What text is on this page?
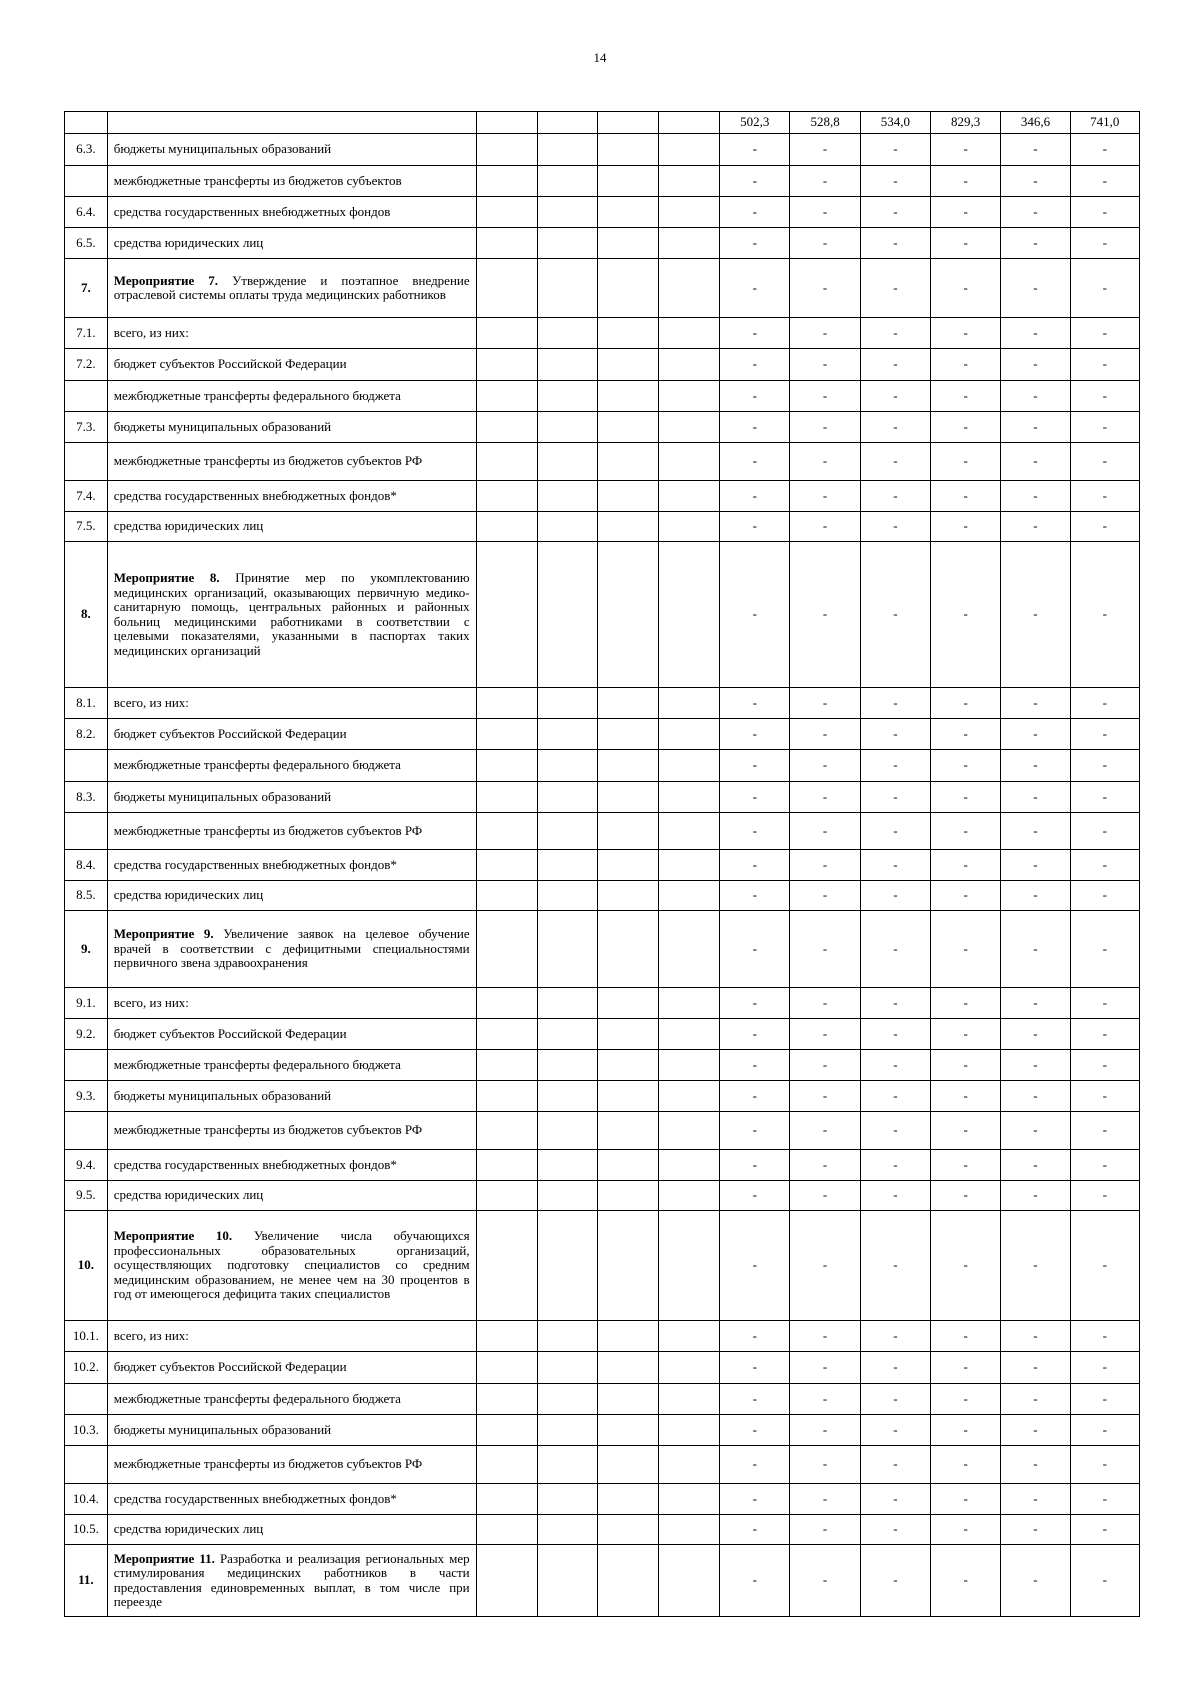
14
						502,3	528,8	534,0	829,3	346,6	741,0
6.3.	бюджеты муниципальных образований					-	-	-	-	-	-
	межбюджетные трансферты из бюджетов субъектов					-	-	-	-	-	-
6.4.	средства государственных внебюджетных фондов					-	-	-	-	-	-
6.5.	средства юридических лиц					-	-	-	-	-	-
7.	Мероприятие 7. Утверждение и поэтапное внедрение отраслевой системы оплаты труда медицинских работников					-	-	-	-	-	-
7.1.	всего, из них:					-	-	-	-	-	-
7.2.	бюджет субъектов Российской Федерации					-	-	-	-	-	-
	межбюджетные трансферты федерального бюджета					-	-	-	-	-	-
7.3.	бюджеты муниципальных образований					-	-	-	-	-	-
	межбюджетные трансферты из бюджетов субъектов РФ					-	-	-	-	-	-
7.4.	средства государственных внебюджетных фондов*					-	-	-	-	-	-
7.5.	средства юридических лиц					-	-	-	-	-	-
8.	Мероприятие 8. Принятие мер по укомплектованию медицинских организаций, оказывающих первичную медико-санитарную помощь, центральных районных и районных больниц медицинскими работниками в соответствии с целевыми показателями, указанными в паспортах таких медицинских организаций					-	-	-	-	-	-
8.1.	всего, из них:					-	-	-	-	-	-
8.2.	бюджет субъектов Российской Федерации					-	-	-	-	-	-
	межбюджетные трансферты федерального бюджета					-	-	-	-	-	-
8.3.	бюджеты муниципальных образований					-	-	-	-	-	-
	межбюджетные трансферты из бюджетов субъектов РФ					-	-	-	-	-	-
8.4.	средства государственных внебюджетных фондов*					-	-	-	-	-	-
8.5.	средства юридических лиц					-	-	-	-	-	-
9.	Мероприятие 9. Увеличение заявок на целевое обучение врачей в соответствии с дефицитными специальностями первичного звена здравоохранения					-	-	-	-	-	-
9.1.	всего, из них:					-	-	-	-	-	-
9.2.	бюджет субъектов Российской Федерации					-	-	-	-	-	-
	межбюджетные трансферты федерального бюджета					-	-	-	-	-	-
9.3.	бюджеты муниципальных образований					-	-	-	-	-	-
	межбюджетные трансферты из бюджетов субъектов РФ					-	-	-	-	-	-
9.4.	средства государственных внебюджетных фондов*					-	-	-	-	-	-
9.5.	средства юридических лиц					-	-	-	-	-	-
10.	Мероприятие 10. Увеличение числа обучающихся профессиональных образовательных организаций, осуществляющих подготовку специалистов со средним медицинским образованием, не менее чем на 30 процентов в год от имеющегося дефицита таких специалистов					-	-	-	-	-	-
10.1.	всего, из них:					-	-	-	-	-	-
10.2.	бюджет субъектов Российской Федерации					-	-	-	-	-	-
	межбюджетные трансферты федерального бюджета					-	-	-	-	-	-
10.3.	бюджеты муниципальных образований					-	-	-	-	-	-
	межбюджетные трансферты из бюджетов субъектов РФ					-	-	-	-	-	-
10.4.	средства государственных внебюджетных фондов*					-	-	-	-	-	-
10.5.	средства юридических лиц					-	-	-	-	-	-
11.	Мероприятие 11. Разработка и реализация региональных мер стимулирования медицинских работников в части предоставления единовременных выплат, в том числе при переезде					-	-	-	-	-	-
